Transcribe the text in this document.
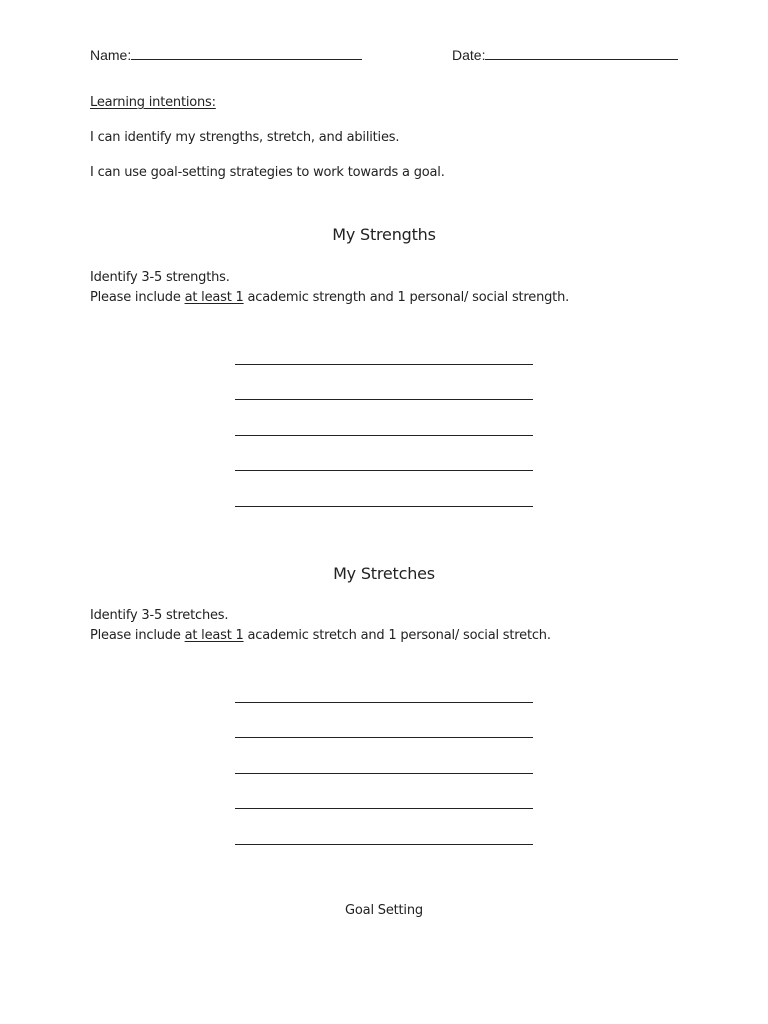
Name:	Date:
Learning intentions:
I can identify my strengths, stretch, and abilities.
I can use goal-setting strategies to work towards a goal.
My Strengths
Identify 3-5 strengths.
Please include at least 1 academic strength and 1 personal/ social strength.
My Stretches
Identify 3-5 stretches.
Please include at least 1 academic stretch and 1 personal/ social stretch.
Goal Setting
